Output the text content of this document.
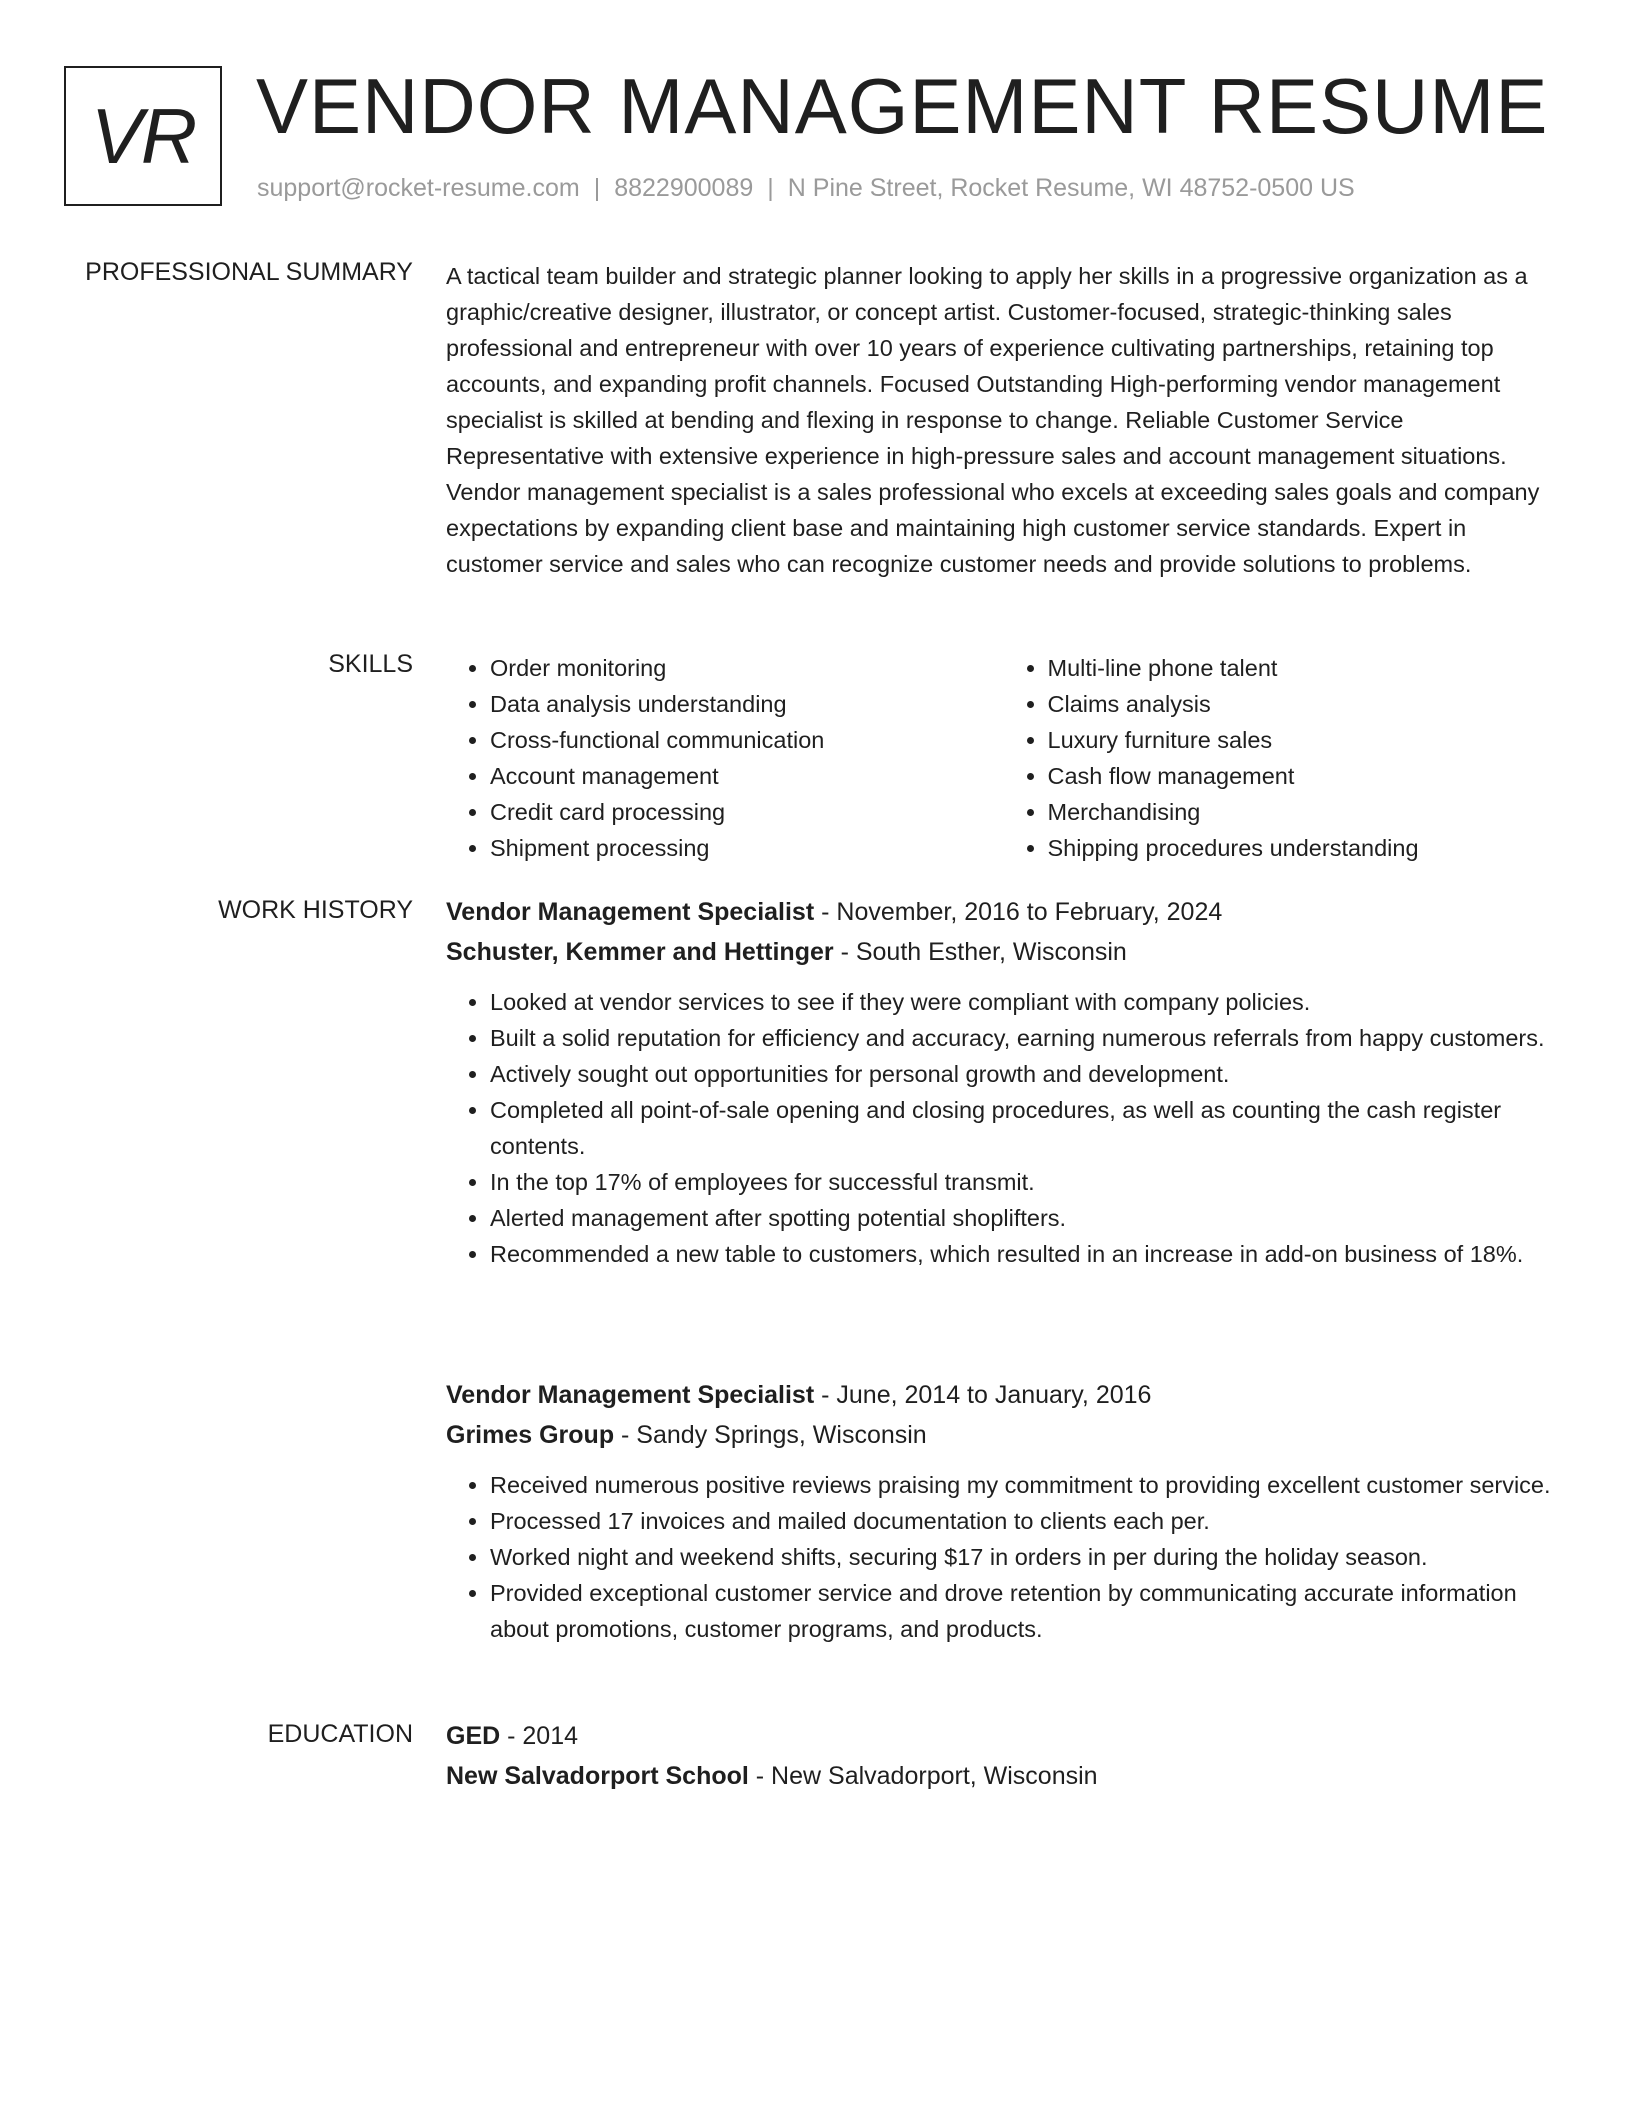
VR VENDOR MANAGEMENT RESUME
support@rocket-resume.com | 8822900089 | N Pine Street, Rocket Resume, WI 48752-0500 US
PROFESSIONAL SUMMARY A tactical team builder and strategic planner looking to apply her skills in a progressive organization as a graphic/creative designer, illustrator, or concept artist. Customer-focused, strategic-thinking sales professional and entrepreneur with over 10 years of experience cultivating partnerships, retaining top accounts, and expanding profit channels. Focused Outstanding High-performing vendor management specialist is skilled at bending and flexing in response to change. Reliable Customer Service Representative with extensive experience in high-pressure sales and account management situations. Vendor management specialist is a sales professional who excels at exceeding sales goals and company expectations by expanding client base and maintaining high customer service standards. Expert in customer service and sales who can recognize customer needs and provide solutions to problems.

SKILLS
•	Order monitoring
• Data analysis understanding
• Cross-functional communication
• Account management
• Credit card processing
• Shipment processing
• Multi-line phone talent
• Claims analysis
• Luxury furniture sales
• Cash flow management
• Merchandising
• Shipping procedures understanding
WORK HISTORY Vendor Management Specialist - November, 2016 to February, 2024
Schuster, Kemmer and Hettinger - South Esther, Wisconsin
• Looked at vendor services to see if they were compliant with company policies.
• Built a solid reputation for efficiency and accuracy, earning numerous referrals from happy customers.
• Actively sought out opportunities for personal growth and development.
• Completed all point-of-sale opening and closing procedures, as well as counting the cash register contents.
• In the top 17% of employees for successful transmit.
• Alerted management after spotting potential shoplifters.
• Recommended a new table to customers, which resulted in an increase in add-on business of 18%.
Vendor Management Specialist - June, 2014 to January, 2016
Grimes Group - Sandy Springs, Wisconsin
• Received numerous positive reviews praising my commitment to providing excellent customer service.
• Processed 17 invoices and mailed documentation to clients each per.
• Worked night and weekend shifts, securing $17 in orders in per during the holiday season.
• Provided exceptional customer service and drove retention by communicating accurate information about promotions, customer programs, and products.
EDUCATION GED - 2014
New Salvadorport School - New Salvadorport, Wisconsin
